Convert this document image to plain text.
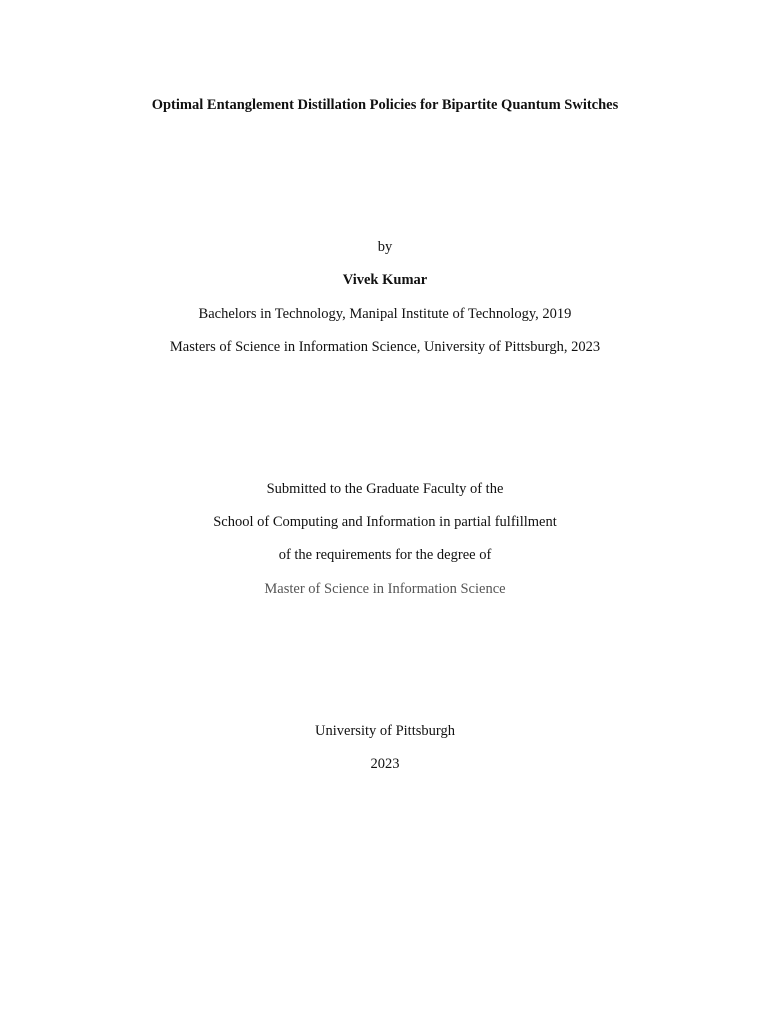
Optimal Entanglement Distillation Policies for Bipartite Quantum Switches
by
Vivek Kumar
Bachelors in Technology, Manipal Institute of Technology, 2019
Masters of Science in Information Science, University of Pittsburgh, 2023
Submitted to the Graduate Faculty of the
School of Computing and Information in partial fulfillment
of the requirements for the degree of
Master of Science in Information Science
University of Pittsburgh
2023
